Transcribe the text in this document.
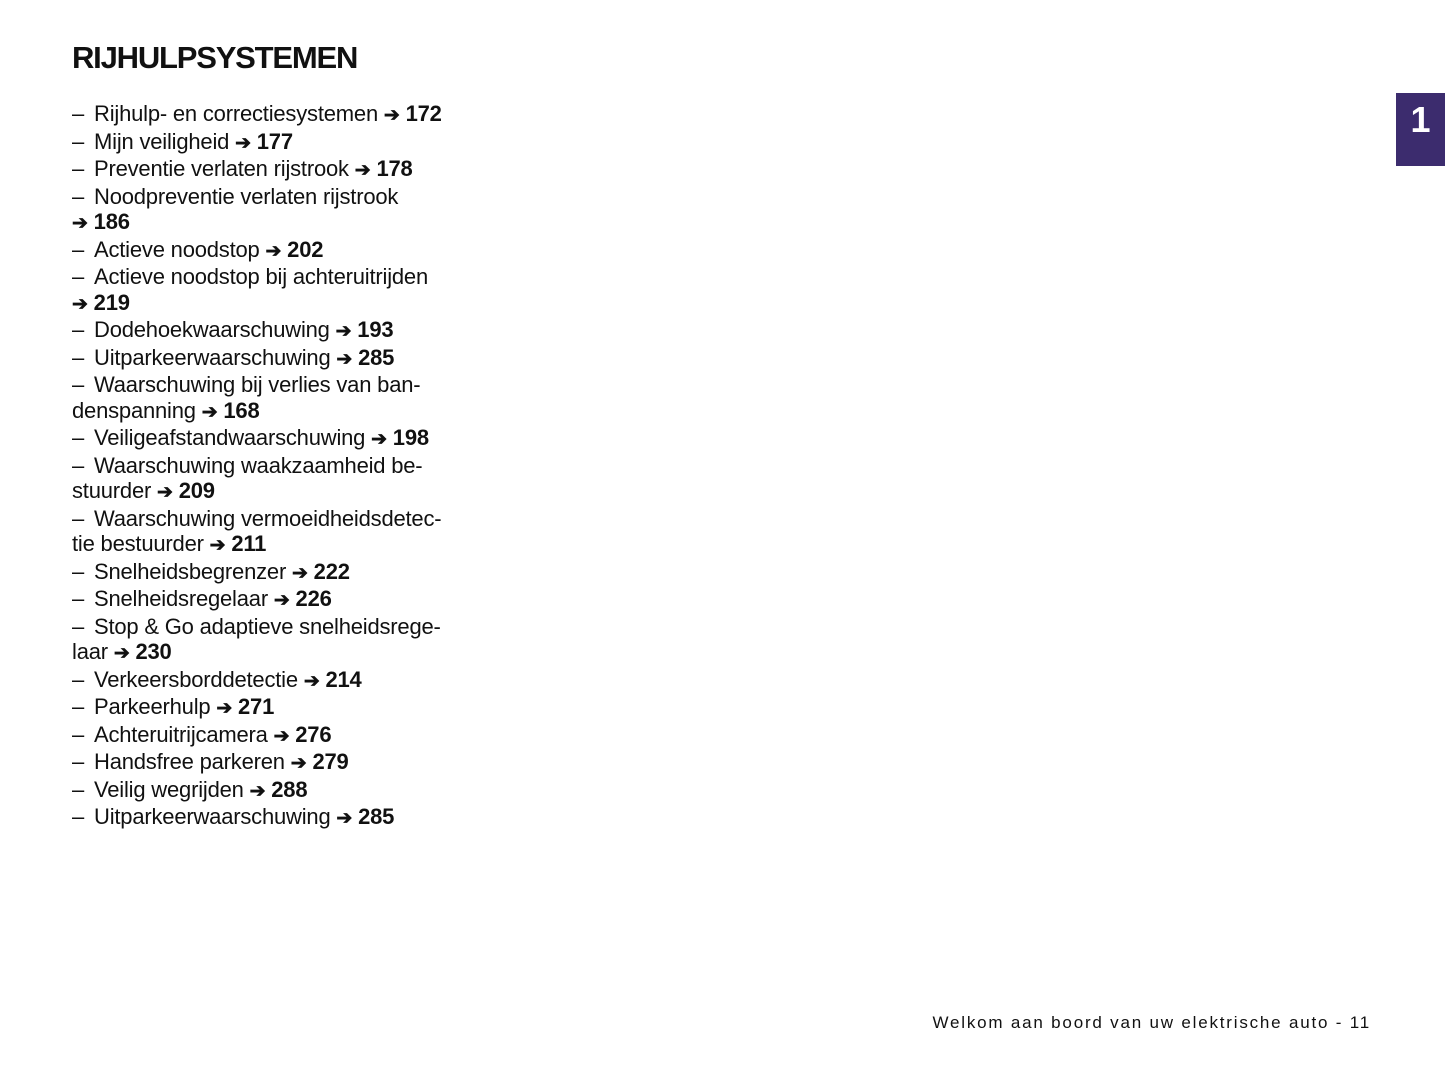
RIJHULPSYSTEMEN
– Rijhulp- en correctiesystemen ➔ 172
– Mijn veiligheid ➔ 177
– Preventie verlaten rijstrook ➔ 178
– Noodpreventie verlaten rijstrook
➔ 186
– Actieve noodstop ➔ 202
– Actieve noodstop bij achteruitrijden
➔ 219
– Dodehoekwaarschuwing ➔ 193
– Uitparkeerwaarschuwing ➔ 285
– Waarschuwing bij verlies van ban-
denspanning ➔ 168
– Veiligeafstandwaarschuwing ➔ 198
– Waarschuwing waakzaamheid be-
stuurder ➔ 209
– Waarschuwing vermoeidheidsdetec-
tie bestuurder ➔ 211
– Snelheidsbegrenzer ➔ 222
– Snelheidsregelaar ➔ 226
– Stop & Go adaptieve snelheidsrege-
laar ➔ 230
– Verkeersborddetectie ➔ 214
– Parkeerhulp ➔ 271
– Achteruitrijcamera ➔ 276
– Handsfree parkeren ➔ 279
– Veilig wegrijden ➔ 288
– Uitparkeerwaarschuwing ➔ 285
1
Welkom aan boord van uw elektrische auto - 11
